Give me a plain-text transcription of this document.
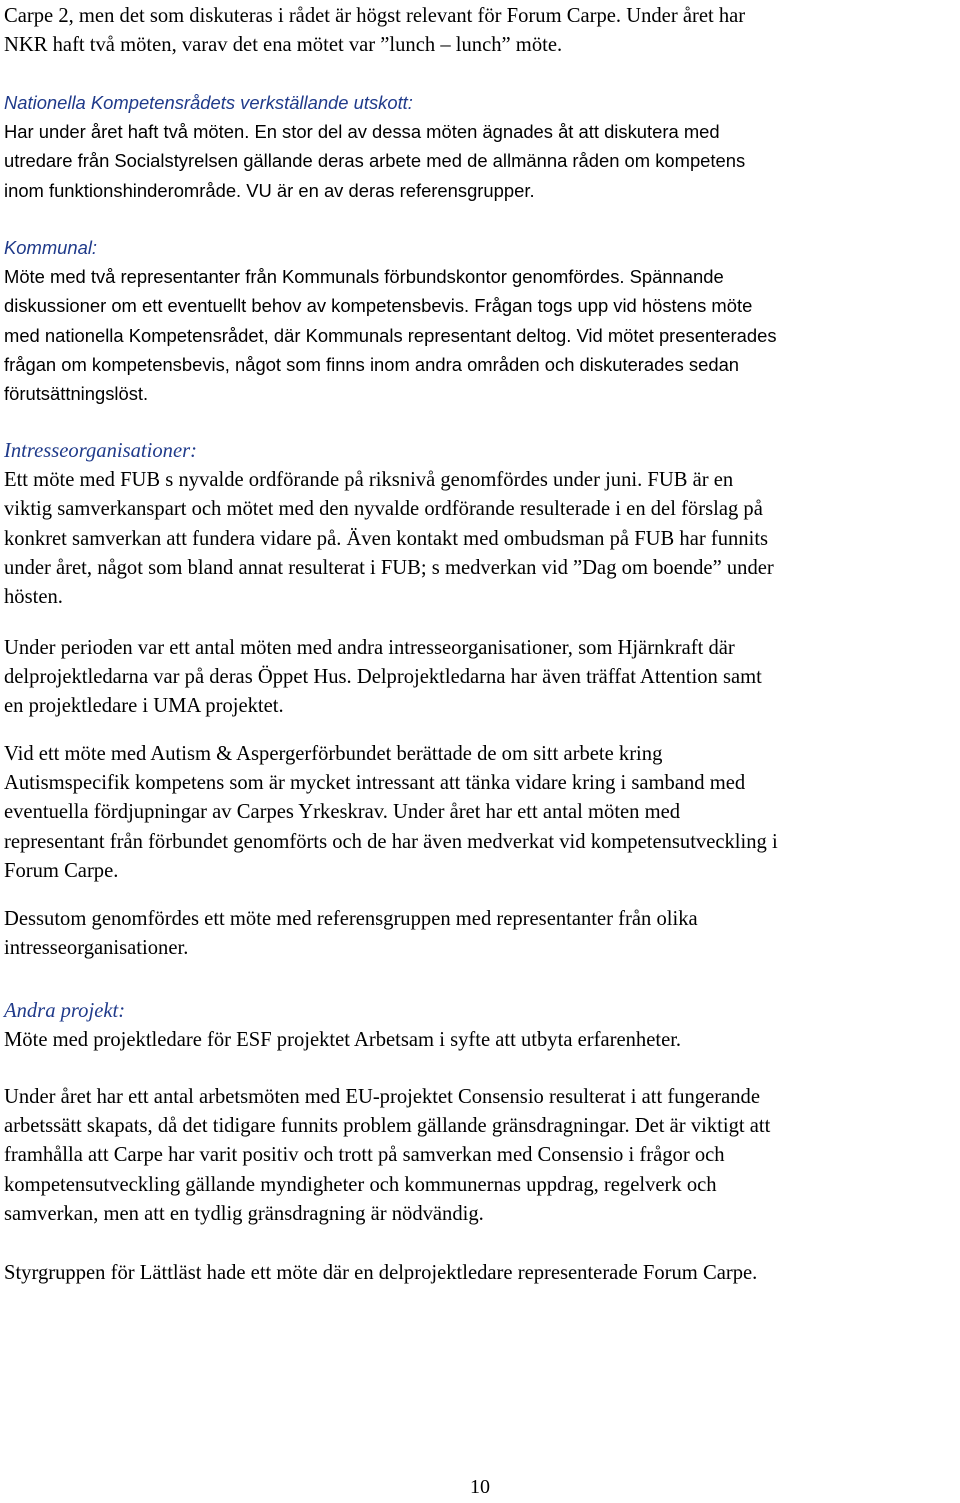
Carpe 2, men det som diskuteras i rådet är högst relevant för Forum Carpe. Under året har
NKR haft två möten, varav det ena mötet var ”lunch – lunch” möte.
Nationella Kompetensrådets verkställande utskott:
Har under året haft två möten. En stor del av dessa möten ägnades åt att diskutera med
utredare från Socialstyrelsen gällande deras arbete med de allmänna råden om kompetens
inom funktionshinderområde. VU är en av deras referensgrupper.
Kommunal:
Möte med två representanter från Kommunals förbundskontor genomfördes. Spännande
diskussioner om ett eventuellt behov av kompetensbevis. Frågan togs upp vid höstens möte
med nationella Kompetensrådet, där Kommunals representant deltog. Vid mötet presenterades
frågan om kompetensbevis, något som finns inom andra områden och diskuterades sedan
förutsättningslöst.
Intresseorganisationer:
Ett möte med FUB s nyvalde ordförande på riksnivå genomfördes under juni. FUB är en
viktig samverkanspart och mötet med den nyvalde ordförande resulterade i en del förslag på
konkret samverkan att fundera vidare på. Även kontakt med ombudsman på FUB har funnits
under året, något som bland annat resulterat i FUB; s medverkan vid ”Dag om boende” under
hösten.
Under perioden var ett antal möten med andra intresseorganisationer, som Hjärnkraft där
delprojektledarna var på deras Öppet Hus. Delprojektledarna har även träffat Attention samt
en projektledare i UMA projektet.
Vid ett möte med Autism & Aspergerförbundet berättade de om sitt arbete kring
Autismspecifik kompetens som är mycket intressant att tänka vidare kring i samband med
eventuella fördjupningar av Carpes Yrkeskrav. Under året har ett antal möten med
representant från förbundet genomförts och de har även medverkat vid kompetensutveckling i
Forum Carpe.
Dessutom genomfördes ett möte med referensgruppen med representanter från olika
intresseorganisationer.
Andra projekt:
Möte med projektledare för ESF projektet Arbetsam i syfte att utbyta erfarenheter.
Under året har ett antal arbetsmöten med EU-projektet Consensio resulterat i att fungerande
arbetssätt skapats, då det tidigare funnits problem gällande gränsdragningar. Det är viktigt att
framhålla att Carpe har varit positiv och trott på samverkan med Consensio i frågor och
kompetensutveckling gällande myndigheter och kommunernas uppdrag, regelverk och
samverkan, men att en tydlig gränsdragning är nödvändig.
Styrgruppen för Lättläst hade ett möte där en delprojektledare representerade Forum Carpe.
10
